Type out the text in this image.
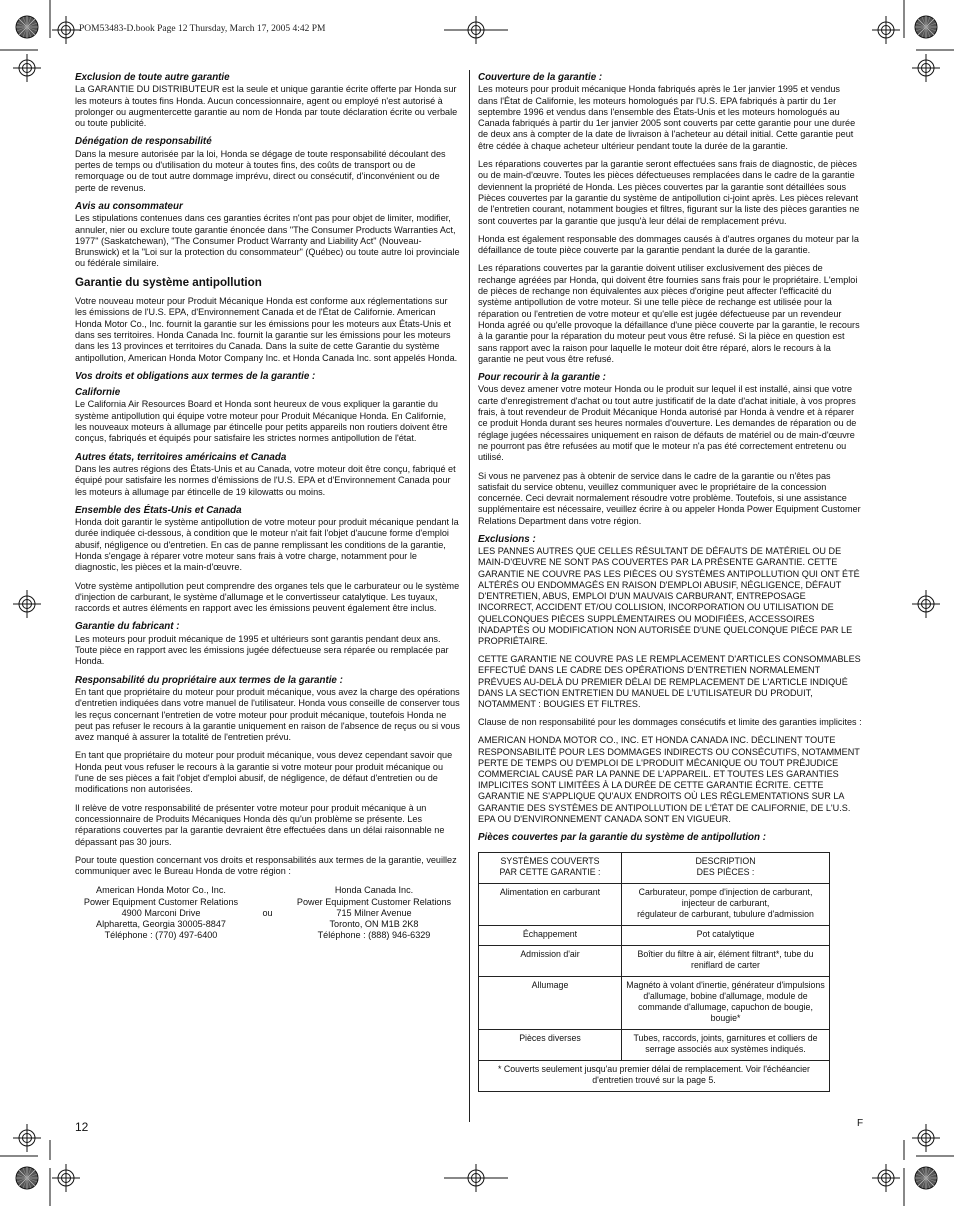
POM53483-D.book Page 12 Thursday, March 17, 2005 4:42 PM
Exclusion de toute autre garantie
La GARANTIE DU DISTRIBUTEUR est la seule et unique garantie écrite offerte par Honda sur les moteurs à toutes fins Honda. Aucun concessionnaire, agent ou employé n'est autorisé à prolonger ou augmentercette garantie au nom de Honda par toute déclaration écrite ou verbale ou toute publicité.
Dénégation de responsabilité
Dans la mesure autorisée par la loi, Honda se dégage de toute responsabilité découlant des pertes de temps ou d'utilisation du moteur à toutes fins, des coûts de transport ou de remorquage ou de tout autre dommage imprévu, direct ou consécutif, d'inconvénient ou de perte de revenus.
Avis au consommateur
Les stipulations contenues dans ces garanties écrites n'ont pas pour objet de limiter, modifier, annuler, nier ou exclure toute garantie énoncée dans "The Consumer Products Warranties Act, 1977" (Saskatchewan), "The Consumer Product Warranty and Liability Act" (Nouveau-Brunswick) et la "Loi sur la protection du consommateur" (Québec) ou toute autre loi provinciale ou fédérale similaire.
Garantie du système antipollution
Votre nouveau moteur pour Produit Mécanique Honda est conforme aux réglementations sur les émissions de l'U.S. EPA, d'Environnement Canada et de l'État de Californie. American Honda Motor Co., Inc. fournit la garantie sur les émissions pour les moteurs aux États-Unis et dans ses territoires. Honda Canada Inc. fournit la garantie sur les émissions pour les moteurs dans les 13 provinces et territoires du Canada. Dans la suite de cette Garantie du système antipollution, American Honda Motor Company Inc. et Honda Canada Inc. sont appelés Honda.
Vos droits et obligations aux termes de la garantie :
Californie
Le California Air Resources Board et Honda sont heureux de vous expliquer la garantie du système antipollution qui équipe votre moteur pour Produit Mécanique Honda. En Californie, les nouveaux moteurs à allumage par étincelle pour petits appareils non routiers doivent être conçus, fabriqués et équipés pour satisfaire les strictes normes antipollution de l'état.
Autres états, territoires américains et Canada
Dans les autres régions des États-Unis et au Canada, votre moteur doit être conçu, fabriqué et équipé pour satisfaire les normes d'émissions de l'U.S. EPA et d'Environnement Canada pour les moteurs à allumage par étincelle de 19 kilowatts ou moins.
Ensemble des États-Unis et Canada
Honda doit garantir le système antipollution de votre moteur pour produit mécanique pendant la durée indiquée ci-dessous, à condition que le moteur n'ait fait l'objet d'aucune forme d'emploi abusif, négligence ou d'entretien. En cas de panne remplissant les conditions de la garantie, Honda s'engage à réparer votre moteur sans frais à votre charge, notamment pour le diagnostic, les pièces et la main-d'œuvre.
Votre système antipollution peut comprendre des organes tels que le carburateur ou le système d'injection de carburant, le système d'allumage et le convertisseur catalytique. Les tuyaux, raccords et autres éléments en rapport avec les émissions peuvent également être inclus.
Garantie du fabricant :
Les moteurs pour produit mécanique de 1995 et ultérieurs sont garantis pendant deux ans. Toute pièce en rapport avec les émissions jugée défectueuse sera réparée ou remplacée par Honda.
Responsabilité du propriétaire aux termes de la garantie :
En tant que propriétaire du moteur pour produit mécanique, vous avez la charge des opérations d'entretien indiquées dans votre manuel de l'utilisateur. Honda vous conseille de conserver tous les reçus concernant l'entretien de votre moteur pour produit mécanique, toutefois Honda ne peut pas refuser le recours à la garantie uniquement en raison de l'absence de reçus ou si vous avez manqué à assurer la totalité de l'entretien prévu.
En tant que propriétaire du moteur pour produit mécanique, vous devez cependant savoir que Honda peut vous refuser le recours à la garantie si votre moteur pour produit mécanique ou l'une de ses pièces a fait l'objet d'emploi abusif, de négligence, de défaut d'entretien ou de modifications non autorisées.
Il relève de votre responsabilité de présenter votre moteur pour produit mécanique à un concessionnaire de Produits Mécaniques Honda dès qu'un problème se présente. Les réparations couvertes par la garantie devraient être effectuées dans un délai raisonnable ne dépassant pas 30 jours.
Pour toute question concernant vos droits et responsabilités aux termes de la garantie, veuillez communiquer avec le Bureau Honda de votre région :
American Honda Motor Co., Inc.
Power Equipment Customer Relations
4900 Marconi Drive
Alpharetta, Georgia 30005-8847
Téléphone : (770) 497-6400
ou
Honda Canada Inc.
Power Equipment Customer Relations
715 Milner Avenue
Toronto, ON M1B 2K8
Téléphone : (888) 946-6329
Couverture de la garantie :
Les moteurs pour produit mécanique Honda fabriqués après le 1er janvier 1995 et vendus dans l'État de Californie, les moteurs homologués par l'U.S. EPA fabriqués à partir du 1er septembre 1996 et vendus dans l'ensemble des États-Unis et les moteurs homologués au Canada fabriqués à partir du 1er janvier 2005 sont couverts par cette garantie pour une durée de deux ans à compter de la date de livraison à l'acheteur au détail initial. Cette garantie peut être cédée à chaque acheteur ultérieur pendant toute la durée de la garantie.
Les réparations couvertes par la garantie seront effectuées sans frais de diagnostic, de pièces ou de main-d'œuvre. Toutes les pièces défectueuses remplacées dans le cadre de la garantie deviennent la propriété de Honda. Les pièces couvertes par la garantie sont détaillées sous Pièces couvertes par la garantie du système de antipollution ci-joint après. Les pièces relevant de l'entretien courant, notamment bougies et filtres, figurant sur la liste des pièces garanties ne sont couvertes par la garantie que jusqu'à leur délai de remplacement prévu.
Honda est également responsable des dommages causés à d'autres organes du moteur par la défaillance de toute pièce couverte par la garantie pendant la durée de la garantie.
Les réparations couvertes par la garantie doivent utiliser exclusivement des pièces de rechange agréées par Honda, qui doivent être fournies sans frais pour le propriétaire. L'emploi de pièces de rechange non équivalentes aux pièces d'origine peut affecter l'efficacité du système antipollution de votre moteur. Si une telle pièce de rechange est utilisée pour la réparation ou l'entretien de votre moteur et qu'elle est jugée défectueuse par un revendeur Honda agréé ou qu'elle provoque la défaillance d'une pièce couverte par la garantie, le recours à la garantie pour la réparation du moteur peut vous être refusé. Si la pièce en question est sans rapport avec la raison pour laquelle le moteur doit être réparé, alors le recours à la garantie ne peut vous être refusé.
Pour recourir à la garantie :
Vous devez amener votre moteur Honda ou le produit sur lequel il est installé, ainsi que votre carte d'enregistrement d'achat ou tout autre justificatif de la date d'achat initiale, à vos propres frais, à tout revendeur de Produit Mécanique Honda autorisé par Honda à vendre et à réparer ce produit Honda durant ses heures normales d'ouverture. Les demandes de réparation ou de réglage jugées nécessaires uniquement en raison de défauts de matériel ou de main-d'œuvre ne pourront pas être refusées au motif que le moteur n'a pas été correctement entretenu ou utilisé.
Si vous ne parvenez pas à obtenir de service dans le cadre de la garantie ou n'êtes pas satisfait du service obtenu, veuillez communiquer avec le propriétaire de la concession concernée. Ceci devrait normalement résoudre votre problème. Toutefois, si une assistance supplémentaire est nécessaire, veuillez écrire à ou appeler Honda Power Equipment Customer Relations Department dans votre région.
Exclusions :
LES PANNES AUTRES QUE CELLES RÉSULTANT DE DÉFAUTS DE MATÉRIEL OU DE MAIN-D'ŒUVRE NE SONT PAS COUVERTES PAR LA PRÉSENTE GARANTIE. CETTE GARANTIE NE COUVRE PAS LES PIÈCES OU SYSTÈMES ANTIPOLLUTION QUI ONT ÉTÉ ALTÉRÉS OU ENDOMMAGÉS EN RAISON D'EMPLOI ABUSIF, NÉGLIGENCE, DÉFAUT D'ENTRETIEN, ABUS, EMPLOI D'UN MAUVAIS CARBURANT, ENTREPOSAGE INCORRECT, ACCIDENT ET/OU COLLISION, INCORPORATION OU UTILISATION DE QUELCONQUES PIÈCES SUPPLÉMENTAIRES OU MODIFIÉES, ACCESSOIRES INADAPTÉS OU MODIFICATION NON AUTORISÉE D'UNE QUELCONQUE PIÈCE PAR LE PROPRIÉTAIRE.
CETTE GARANTIE NE COUVRE PAS LE REMPLACEMENT D'ARTICLES CONSOMMABLES EFFECTUÉ DANS LE CADRE DES OPÉRATIONS D'ENTRETIEN NORMALEMENT PRÉVUES AU-DELÀ DU PREMIER DÉLAI DE REMPLACEMENT DE L'ARTICLE INDIQUÉ DANS LA SECTION ENTRETIEN DU MANUEL DE L'UTILISATEUR DU PRODUIT, NOTAMMENT : BOUGIES ET FILTRES.
Clause de non responsabilité pour les dommages consécutifs et limite des garanties implicites :
AMERICAN HONDA MOTOR CO., INC. ET HONDA CANADA INC. DÉCLINENT TOUTE RESPONSABILITÉ POUR LES DOMMAGES INDIRECTS OU CONSÉCUTIFS, NOTAMMENT PERTE DE TEMPS OU D'EMPLOI DE L'PRODUIT MÉCANIQUE OU TOUT PRÉJUDICE COMMERCIAL CAUSÉ PAR LA PANNE DE L'APPAREIL. ET TOUTES LES GARANTIES IMPLICITES SONT LIMITÉES À LA DURÉE DE CETTE GARANTIE ÉCRITE. CETTE GARANTIE NE S'APPLIQUE QU'AUX ENDROITS OÙ LES RÉGLEMENTATIONS SUR LA GARANTIE DES SYSTÈMES DE ANTIPOLLUTION DE L'ÉTAT DE CALIFORNIE, DE L'U.S. EPA OU D'ENVIRONNEMENT CANADA SONT EN VIGUEUR.
Pièces couvertes par la garantie du système de antipollution :
SYSTÈMES COUVERTS
PAR CETTE GARANTIE :	DESCRIPTION
DES PIÈCES :
Alimentation en carburant	Carburateur, pompe d'injection de carburant, injecteur de carburant,
régulateur de carburant, tubulure d'admission
Échappement	Pot catalytique
Admission d'air	Boîtier du filtre à air, élément filtrant*, tube du reniflard de carter
Allumage	Magnéto à volant d'inertie, générateur d'impulsions d'allumage, bobine d'allumage, module de commande d'allumage, capuchon de bougie, bougie*
Pièces diverses	Tubes, raccords, joints, garnitures et colliers de serrage associés aux systèmes indiqués.
* Couverts seulement jusqu'au premier délai de remplacement. Voir l'échéancier d'entretien trouvé sur la page 5.	
12	F
